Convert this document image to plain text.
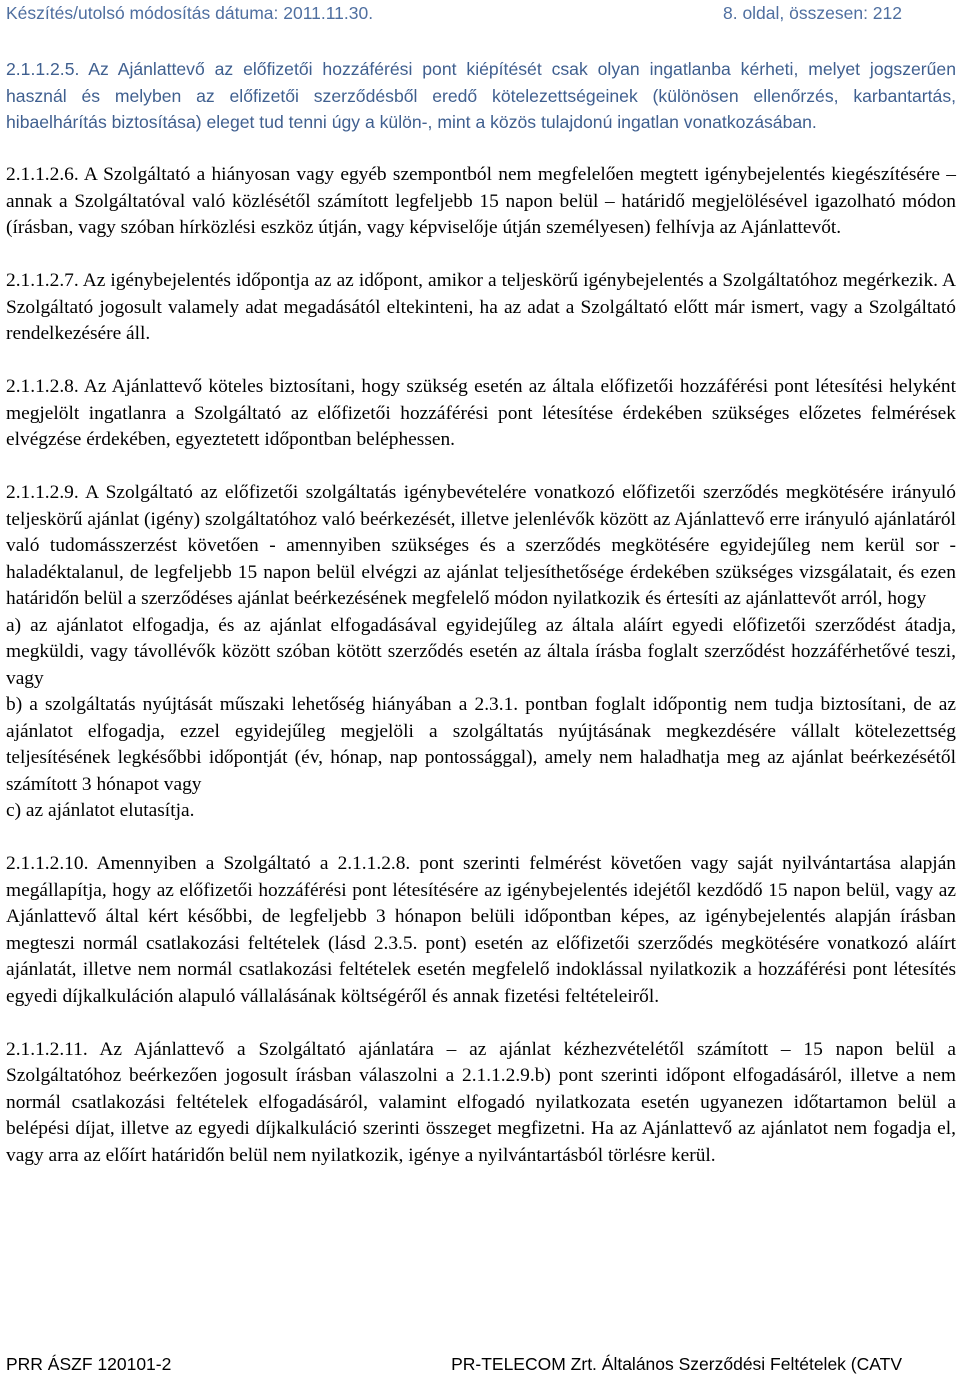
Készítés/utolsó módosítás dátuma: 2011.11.30.	8. oldal, összesen: 212

2.1.1.2.5. Az Ajánlattevő az előfizetői hozzáférési pont kiépítését csak olyan ingatlanba kérheti, melyet jogszerűen használ és melyben az előfizetői szerződésből eredő kötelezettségeinek (különösen ellenőrzés, karbantartás, hibaelhárítás biztosítása) eleget tud tenni úgy a külön-, mint a közös tulajdonú ingatlan vonatkozásában.

2.1.1.2.6. A Szolgáltató a hiányosan vagy egyéb szempontból nem megfelelően megtett igénybejelentés kiegészítésére – annak a Szolgáltatóval való közlésétől számított legfeljebb 15 napon belül – határidő megjelölésével igazolható módon (írásban, vagy szóban hírközlési eszköz útján, vagy képviselője útján személyesen) felhívja az Ajánlattevőt.

2.1.1.2.7. Az igénybejelentés időpontja az az időpont, amikor a teljeskörű igénybejelentés a Szolgáltatóhoz megérkezik. A Szolgáltató jogosult valamely adat megadásától eltekinteni, ha az adat a Szolgáltató előtt már ismert, vagy a Szolgáltató rendelkezésére áll.

2.1.1.2.8. Az Ajánlattevő köteles biztosítani, hogy szükség esetén az általa előfizetői hozzáférési pont létesítési helyként megjelölt ingatlanra a Szolgáltató az előfizetői hozzáférési pont létesítése érdekében szükséges előzetes felmérések elvégzése érdekében, egyeztetett időpontban beléphessen.

2.1.1.2.9. A Szolgáltató az előfizetői szolgáltatás igénybevételére vonatkozó előfizetői szerződés megkötésére irányuló teljeskörű ajánlat (igény) szolgáltatóhoz való beérkezését, illetve jelenlévők között az Ajánlattevő erre irányuló ajánlatáról való tudomásszerzést követően - amennyiben szükséges és a szerződés megkötésére egyidejűleg nem kerül sor - haladéktalanul, de legfeljebb 15 napon belül elvégzi az ajánlat teljesíthetősége érdekében szükséges vizsgálatait, és ezen határidőn belül a szerződéses ajánlat beérkezésének megfelelő módon nyilatkozik és értesíti az ajánlattevőt arról, hogy
a) az ajánlatot elfogadja, és az ajánlat elfogadásával egyidejűleg az általa aláírt egyedi előfizetői szerződést átadja, megküldi, vagy távollévők között szóban kötött szerződés esetén az általa írásba foglalt szerződést hozzáférhetővé teszi, vagy
b) a szolgáltatás nyújtását műszaki lehetőség hiányában a 2.3.1. pontban foglalt időpontig nem tudja biztosítani, de az ajánlatot elfogadja, ezzel egyidejűleg megjelöli a szolgáltatás nyújtásának megkezdésére vállalt kötelezettség teljesítésének legkésőbbi időpontját (év, hónap, nap pontossággal), amely nem haladhatja meg az ajánlat beérkezésétől számított 3 hónapot vagy
c) az ajánlatot elutasítja.

2.1.1.2.10. Amennyiben a Szolgáltató a 2.1.1.2.8. pont szerinti felmérést követően vagy saját nyilvántartása alapján megállapítja, hogy az előfizetői hozzáférési pont létesítésére az igénybejelentés idejétől kezdődő 15 napon belül, vagy az Ajánlattevő által kért későbbi, de legfeljebb 3 hónapon belüli időpontban képes, az igénybejelentés alapján írásban megteszi normál csatlakozási feltételek (lásd 2.3.5. pont) esetén az előfizetői szerződés megkötésére vonatkozó aláírt ajánlatát, illetve nem normál csatlakozási feltételek esetén megfelelő indoklással nyilatkozik a hozzáférési pont létesítés egyedi díjkalkuláción alapuló vállalásának költségéről és annak fizetési feltételeiről.

2.1.1.2.11. Az Ajánlattevő a Szolgáltató ajánlatára – az ajánlat kézhezvételétől számított – 15 napon belül a Szolgáltatóhoz beérkezően jogosult írásban válaszolni a 2.1.1.2.9.b) pont szerinti időpont elfogadásáról, illetve a nem normál csatlakozási feltételek elfogadásáról, valamint elfogadó nyilatkozata esetén ugyanezen időtartamon belül a belépési díjat, illetve az egyedi díjkalkuláció szerinti összeget megfizetni. Ha az Ajánlattevő az ajánlatot nem fogadja el, vagy arra az előírt határidőn belül nem nyilatkozik, igénye a nyilvántartásból törlésre kerül.

PRR ÁSZF 120101-2	PR-TELECOM Zrt. Általános Szerződési Feltételek (CATV
